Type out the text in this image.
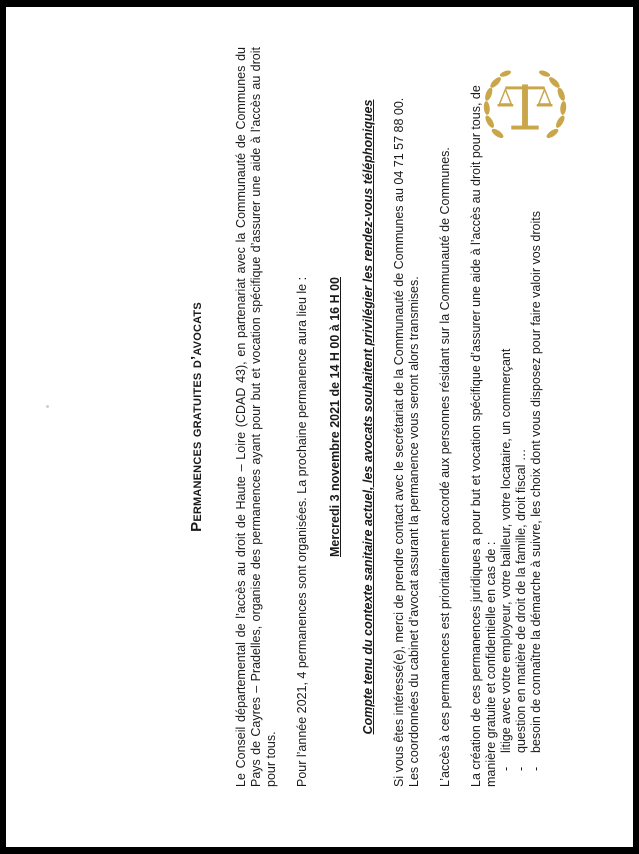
Permanences gratuites d’avocats Le Conseil départemental de l’accès au droit de Haute – Loire (CDAD 43), en partenariat avec la Communauté de Communes du Pays de Cayres – Pradelles, organise des permanences ayant pour but et vocation spécifique d’assurer une aide à l’accès au droit pour tous. Pour l’année 2021, 4 permanences sont organisées. La prochaine permanence aura lieu le : Mercredi 3 novembre 2021 de 14 H 00 à 16 H 00 Compte tenu du contexte sanitaire actuel, les avocats souhaitent privilégier les rendez-vous téléphoniques Si vous êtes intéressé(e), merci de prendre contact avec le secrétariat de la Communauté de Communes au 04 71 57 88 00. Les coordonnées du cabinet d’avocat assurant la permanence vous seront alors transmises. L’accès à ces permanences est prioritairement accordé aux personnes résidant sur la Communauté de Communes. La création de ces permanences juridiques a pour but et vocation spécifique d’assurer une aide à l’accès au droit pour tous, de manière gratuite et confidentielle en cas de : - litige avec votre employeur, votre bailleur, votre locataire, un commerçant - question en matière de droit de la famille, droit fiscal … - besoin de connaître la démarche à suivre, les choix dont vous disposez pour faire valoir vos droits
